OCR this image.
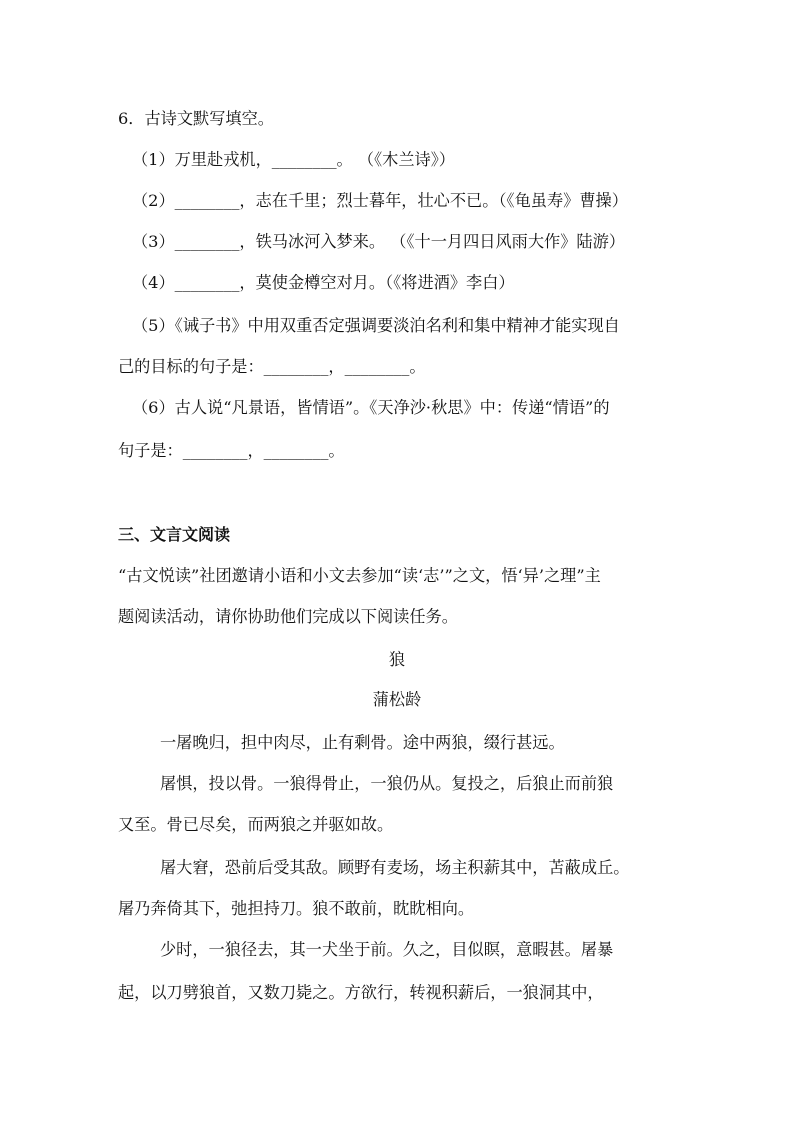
6．古诗文默写填空。
（1）万里赴戎机，________。 （《木兰诗》）
（2）________，志在千里；烈士暮年，壮心不已。（《龟虽寿》曹操）
（3）________，铁马冰河入梦来。 （《十一月四日风雨大作》陆游）
（4）________，莫使金樽空对月。（《将进酒》李白）
（5）《诫子书》中用双重否定强调要淡泊名利和集中精神才能实现自
己的目标的句子是：________，________。
（6）古人说“凡景语，皆情语”。《天净沙·秋思》中：传递“情语”的
句子是：________，________。
三、文言文阅读
“古文悦读”社团邀请小语和小文去参加“读‘志’”之文，悟‘异’之理”主
题阅读活动，请你协助他们完成以下阅读任务。
狼
蒲松龄
一屠晚归，担中肉尽，止有剩骨。途中两狼，缀行甚远。
屠惧，投以骨。一狼得骨止，一狼仍从。复投之，后狼止而前狼
又至。骨已尽矣，而两狼之并驱如故。
屠大窘，恐前后受其敌。顾野有麦场，场主积薪其中，苫蔽成丘。
屠乃奔倚其下，弛担持刀。狼不敢前，眈眈相向。
少时，一狼径去，其一犬坐于前。久之，目似瞑，意暇甚。屠暴
起，以刀劈狼首，又数刀毙之。方欲行，转视积薪后，一狼洞其中，
